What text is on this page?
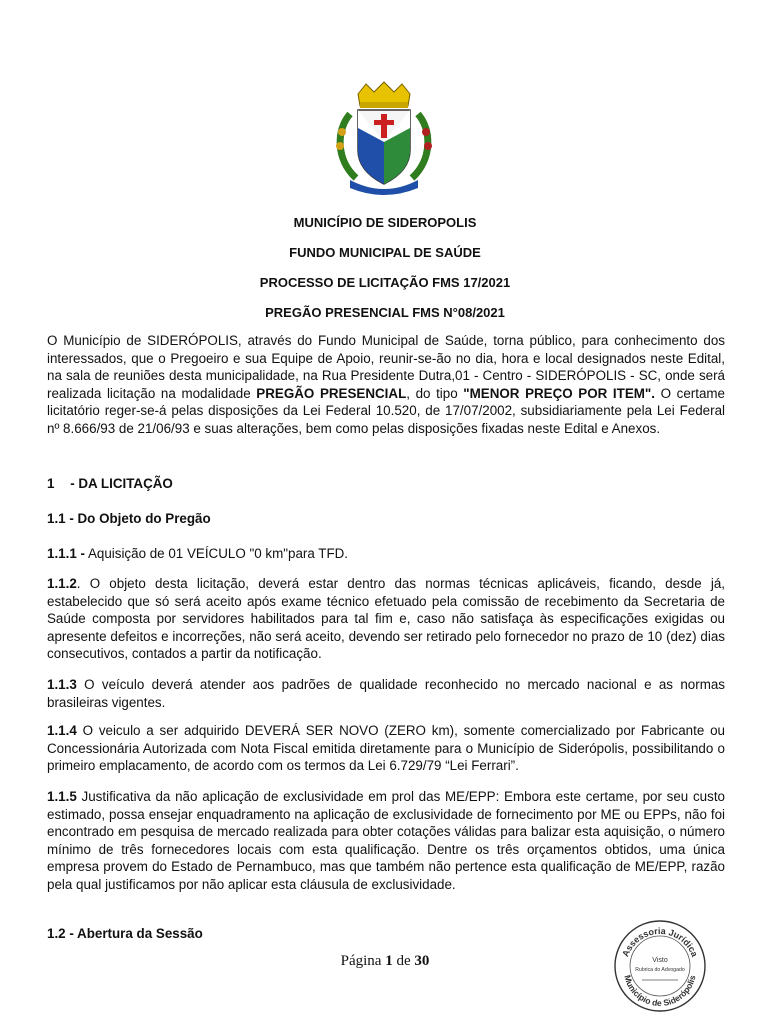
MUNICÍPIO DE SIDEROPOLIS
FUNDO MUNICIPAL DE SAÚDE
PROCESSO DE LICITAÇÃO FMS 17/2021
PREGÃO PRESENCIAL FMS N°08/2021
O Município de SIDERÓPOLIS, através do Fundo Municipal de Saúde, torna público, para conhecimento dos interessados, que o Pregoeiro e sua Equipe de Apoio, reunir-se-ão no dia, hora e local designados neste Edital, na sala de reuniões desta municipalidade, na Rua Presidente Dutra,01 - Centro - SIDERÓPOLIS - SC, onde será realizada licitação na modalidade PREGÃO PRESENCIAL, do tipo "MENOR PREÇO POR ITEM". O certame licitatório reger-se-á pelas disposições da Lei Federal 10.520, de 17/07/2002, subsidiariamente pela Lei Federal nº 8.666/93 de 21/06/93 e suas alterações, bem como pelas disposições fixadas neste Edital e Anexos.
1 - DA LICITAÇÃO
1.1 - Do Objeto do Pregão
1.1.1 - Aquisição de 01 VEÍCULO "0 km"para TFD.
1.1.2. O objeto desta licitação, deverá estar dentro das normas técnicas aplicáveis, ficando, desde já, estabelecido que só será aceito após exame técnico efetuado pela comissão de recebimento da Secretaria de Saúde composta por servidores habilitados para tal fim e, caso não satisfaça às especificações exigidas ou apresente defeitos e incorreções, não será aceito, devendo ser retirado pelo fornecedor no prazo de 10 (dez) dias consecutivos, contados a partir da notificação.
1.1.3 O veículo deverá atender aos padrões de qualidade reconhecido no mercado nacional e as normas brasileiras vigentes.
1.1.4 O veiculo a ser adquirido DEVERÁ SER NOVO (ZERO km), somente comercializado por Fabricante ou Concessionária Autorizada com Nota Fiscal emitida diretamente para o Município de Siderópolis, possibilitando o primeiro emplacamento, de acordo com os termos da Lei 6.729/79 “Lei Ferrari”.
1.1.5 Justificativa da não aplicação de exclusividade em prol das ME/EPP: Embora este certame, por seu custo estimado, possa ensejar enquadramento na aplicação de exclusividade de fornecimento por ME ou EPPs, não foi encontrado em pesquisa de mercado realizada para obter cotações válidas para balizar esta aquisição, o número mínimo de três fornecedores locais com esta qualificação. Dentre os três orçamentos obtidos, uma única empresa provem do Estado de Pernambuco, mas que também não pertence esta qualificação de ME/EPP, razão pela qual justificamos por não aplicar esta cláusula de exclusividade.
1.2 - Abertura da Sessão
Página 1 de 30	Assessoria Jurídica
Visto
Rubrica do Advogado
Município de Siderópolis
